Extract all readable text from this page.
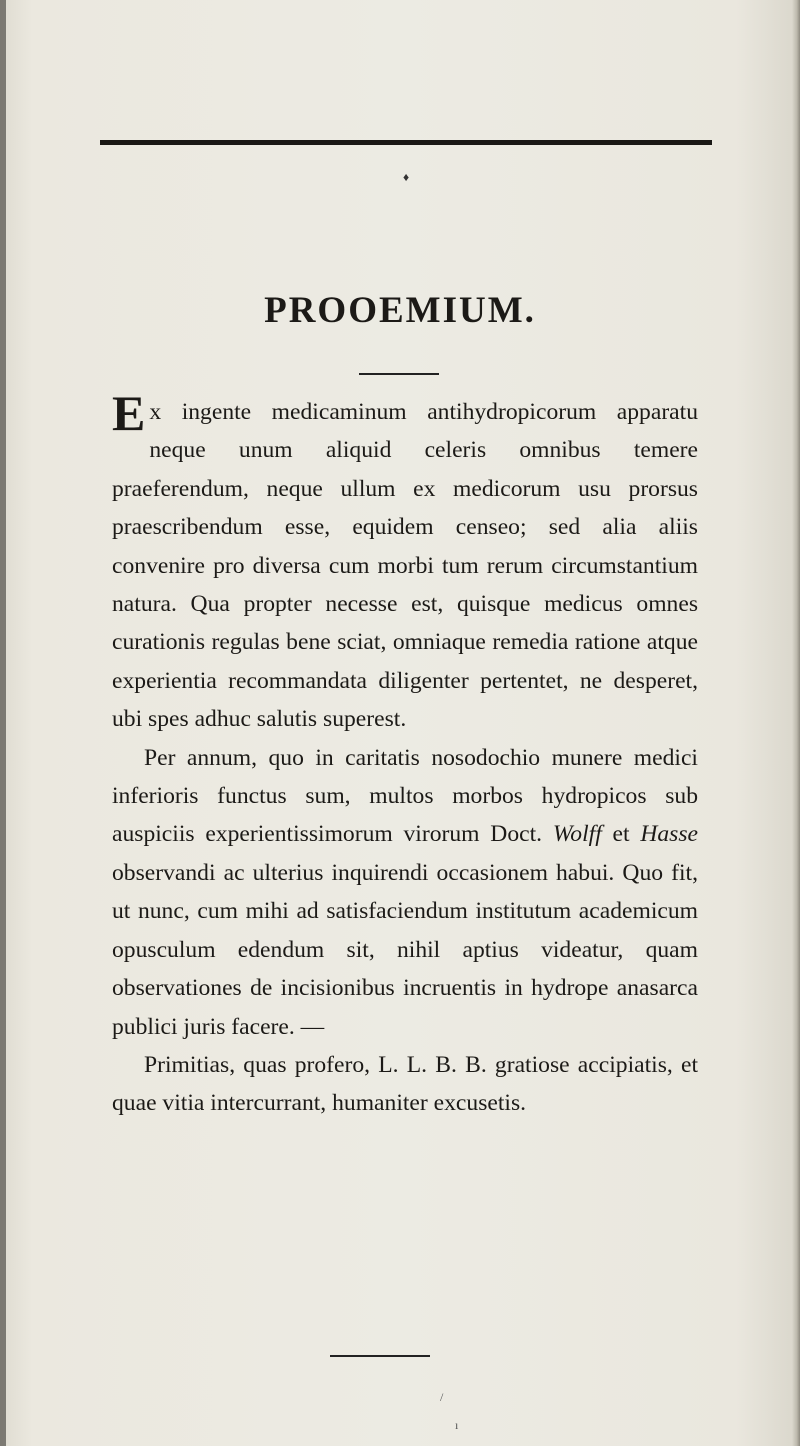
♦
PROOEMIUM.

Ex ingente medicaminum antihydropicorum apparatu neque unum aliquid celeris omnibus temere praeferendum, neque ullum ex medicorum usu prorsus praescribendum esse, equidem censeo; sed alia aliis convenire pro diversa cum morbi tum rerum circumstantium natura. Qua propter necesse est, quisque medicus omnes curationis regulas bene sciat, omniaque remedia ratione atque experientia recommandata diligenter pertentet, ne desperet, ubi spes adhuc salutis superest.

Per annum, quo in caritatis nosodochio munere medici inferioris functus sum, multos morbos hydropicos sub auspiciis experientissimorum virorum Doct. Wolff et Hasse observandi ac ulterius inquirendi occasionem habui. Quo fit, ut nunc, cum mihi ad satisfaciendum institutum academicum opusculum edendum sit, nihil aptius videatur, quam observationes de incisionibus incruentis in hydrope anasarca publici juris facere. —

Primitias, quas profero, L. L. B. B. gratiose accipiatis, et quae vitia intercurrant, humaniter excusetis.

/
ı
